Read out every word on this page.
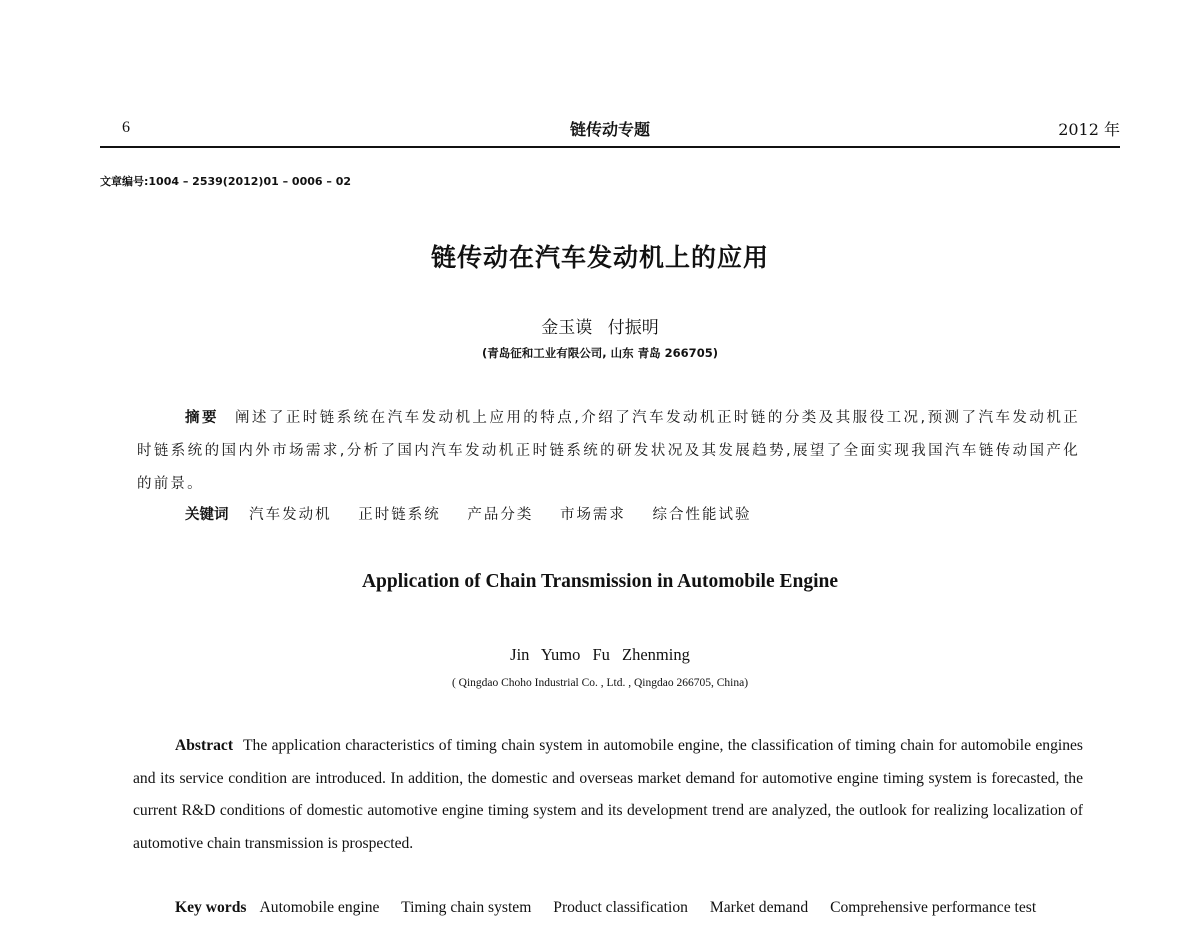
6	链传动专题	2012 年
文章编号:1004 – 2539(2012)01 – 0006 – 02
链传动在汽车发动机上的应用
金玉谟 付振明
(青岛征和工业有限公司, 山东 青岛 266705)
摘要 阐述了正时链系统在汽车发动机上应用的特点,介绍了汽车发动机正时链的分类及其服役工况,预测了汽车发动机正时链系统的国内外市场需求,分析了国内汽车发动机正时链系统的研发状况及其发展趋势,展望了全面实现我国汽车链传动国产化的前景。
关键词 汽车发动机 正时链系统 产品分类 市场需求 综合性能试验
Application of Chain Transmission in Automobile Engine
Jin Yumo Fu Zhenming
( Qingdao Choho Industrial Co. , Ltd. , Qingdao 266705, China)
Abstract The application characteristics of timing chain system in automobile engine, the classification of timing chain for automobile engines and its service condition are introduced. In addition, the domestic and overseas market demand for automotive engine timing system is forecasted, the current R&D conditions of domestic automotive engine timing system and its development trend are analyzed, the outlook for realizing localization of automotive chain transmission is prospected.
Key words Automobile engine Timing chain system Product classification Market demand Comprehensive performance test
